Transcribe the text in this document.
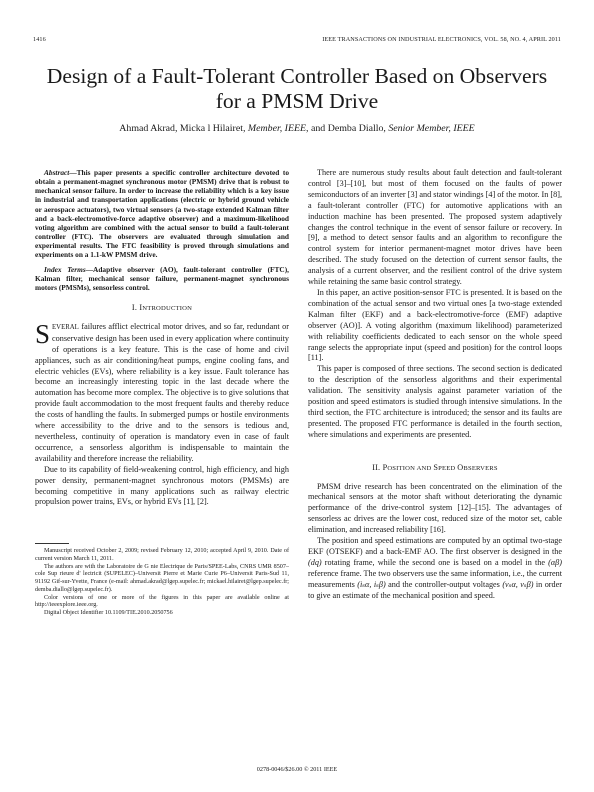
1416	IEEE TRANSACTIONS ON INDUSTRIAL ELECTRONICS, VOL. 58, NO. 4, APRIL 2011
Design of a Fault-Tolerant Controller Based on Observers for a PMSM Drive
Ahmad Akrad, Micka l Hilairet, Member, IEEE, and Demba Diallo, Senior Member, IEEE

Abstract—This paper presents a specific controller architecture devoted to obtain a permanent-magnet synchronous motor (PMSM) drive that is robust to mechanical sensor failure. In order to increase the reliability which is a key issue in industrial and transportation applications (electric or hybrid ground vehicle or aerospace actuators), two virtual sensors (a two-stage extended Kalman filter and a back-electromotive-force adaptive observer) and a maximum-likelihood voting algorithm are combined with the actual sensor to build a fault-tolerant controller (FTC). The observers are evaluated through simulation and experimental results. The FTC feasibility is proved through simulations and experiments on a 1.1-kW PMSM drive.

Index Terms—Adaptive observer (AO), fault-tolerant controller (FTC), Kalman filter, mechanical sensor failure, permanent-magnet synchronous motors (PMSMs), sensorless control.

I. INTRODUCTION

SEVERAL failures afflict electrical motor drives, and so far, redundant or conservative design has been used in every application where continuity of operations is a key feature. This is the case of home and civil appliances, such as air conditioning/heat pumps, engine cooling fans, and electric vehicles (EVs), where reliability is a key issue. Fault tolerance has become an increasingly interesting topic in the last decade where the automation has become more complex. The objective is to give solutions that provide fault accommodation to the most frequent faults and thereby reduce the costs of handling the faults. In submerged pumps or hostile environments where accessibility to the drive and to the sensors is tedious and, nevertheless, continuity of operation is mandatory even in case of fault occurrence, a sensorless algorithm is indispensable to maintain the availability and therefore increase the reliability.

Due to its capability of field-weakening control, high efficiency, and high power density, permanent-magnet synchronous motors (PMSMs) are becoming competitive in many applications such as railway electric propulsion power trains, EVs, or hybrid EVs [1], [2].

Manuscript received October 2, 2009; revised February 12, 2010; accepted April 9, 2010. Date of current version March 11, 2011.

The authors are with the Laboratoire de G nie Electrique de Paris/SPEE-Labs, CNRS UMR 8507– cole Sup rieure d' lectricit (SUPELEC)–Universit Pierre et Marie Curie P6–Universit Paris-Sud 11, 91192 Gif-sur-Yvette, France (e-mail: ahmad.akrad@lgep.supelec.fr; mickael.hilairet@lgep.supelec.fr; demba.diallo@lgep.supelec.fr).

Color versions of one or more of the figures in this paper are available online at http://ieeexplore.ieee.org.

Digital Object Identifier 10.1109/TIE.2010.2050756

There are numerous study results about fault detection and fault-tolerant control [3]–[10], but most of them focused on the faults of power semiconductors of an inverter [3] and stator windings [4] of the motor. In [8], a fault-tolerant controller (FTC) for automotive applications with an induction machine has been presented. The proposed system adaptively changes the control technique in the event of sensor failure or recovery. In [9], a method to detect sensor faults and an algorithm to reconfigure the control system for interior permanent-magnet motor drives have been described. The study focused on the detection of current sensor faults, the analysis of a current observer, and the resilient control of the drive system while retaining the same basic control strategy.

In this paper, an active position-sensor FTC is presented. It is based on the combination of the actual sensor and two virtual ones [a two-stage extended Kalman filter (EKF) and a back-electromotive-force (EMF) adaptive observer (AO)]. A voting algorithm (maximum likelihood) parameterized with reliability coefficients dedicated to each sensor on the whole speed range selects the appropriate input (speed and position) for the control loops [11].

This paper is composed of three sections. The second section is dedicated to the description of the sensorless algorithms and their experimental validation. The sensitivity analysis against parameter variation of the position and speed estimators is studied through intensive simulations. In the third section, the FTC architecture is introduced; the sensor and its faults are presented. The proposed FTC performance is detailed in the fourth section, where simulations and experiments are presented.

II. POSITION AND SPEED OBSERVERS

PMSM drive research has been concentrated on the elimination of the mechanical sensors at the motor shaft without deteriorating the dynamic performance of the drive-control system [12]–[15]. The advantages of sensorless ac drives are the lower cost, reduced size of the motor set, cable elimination, and increased reliability [16].

The position and speed estimations are computed by an optimal two-stage EKF (OTSEKF) and a back-EMF AO. The first observer is designed in the (dq) rotating frame, while the second one is based on a model in the (αβ) reference frame. The two observers use the same information, i.e., the current measurements (iₛα, iₛβ) and the controller-output voltages (vₛα, vₛβ) in order to give an estimate of the mechanical position and speed.

0278-0046/$26.00 © 2011 IEEE
